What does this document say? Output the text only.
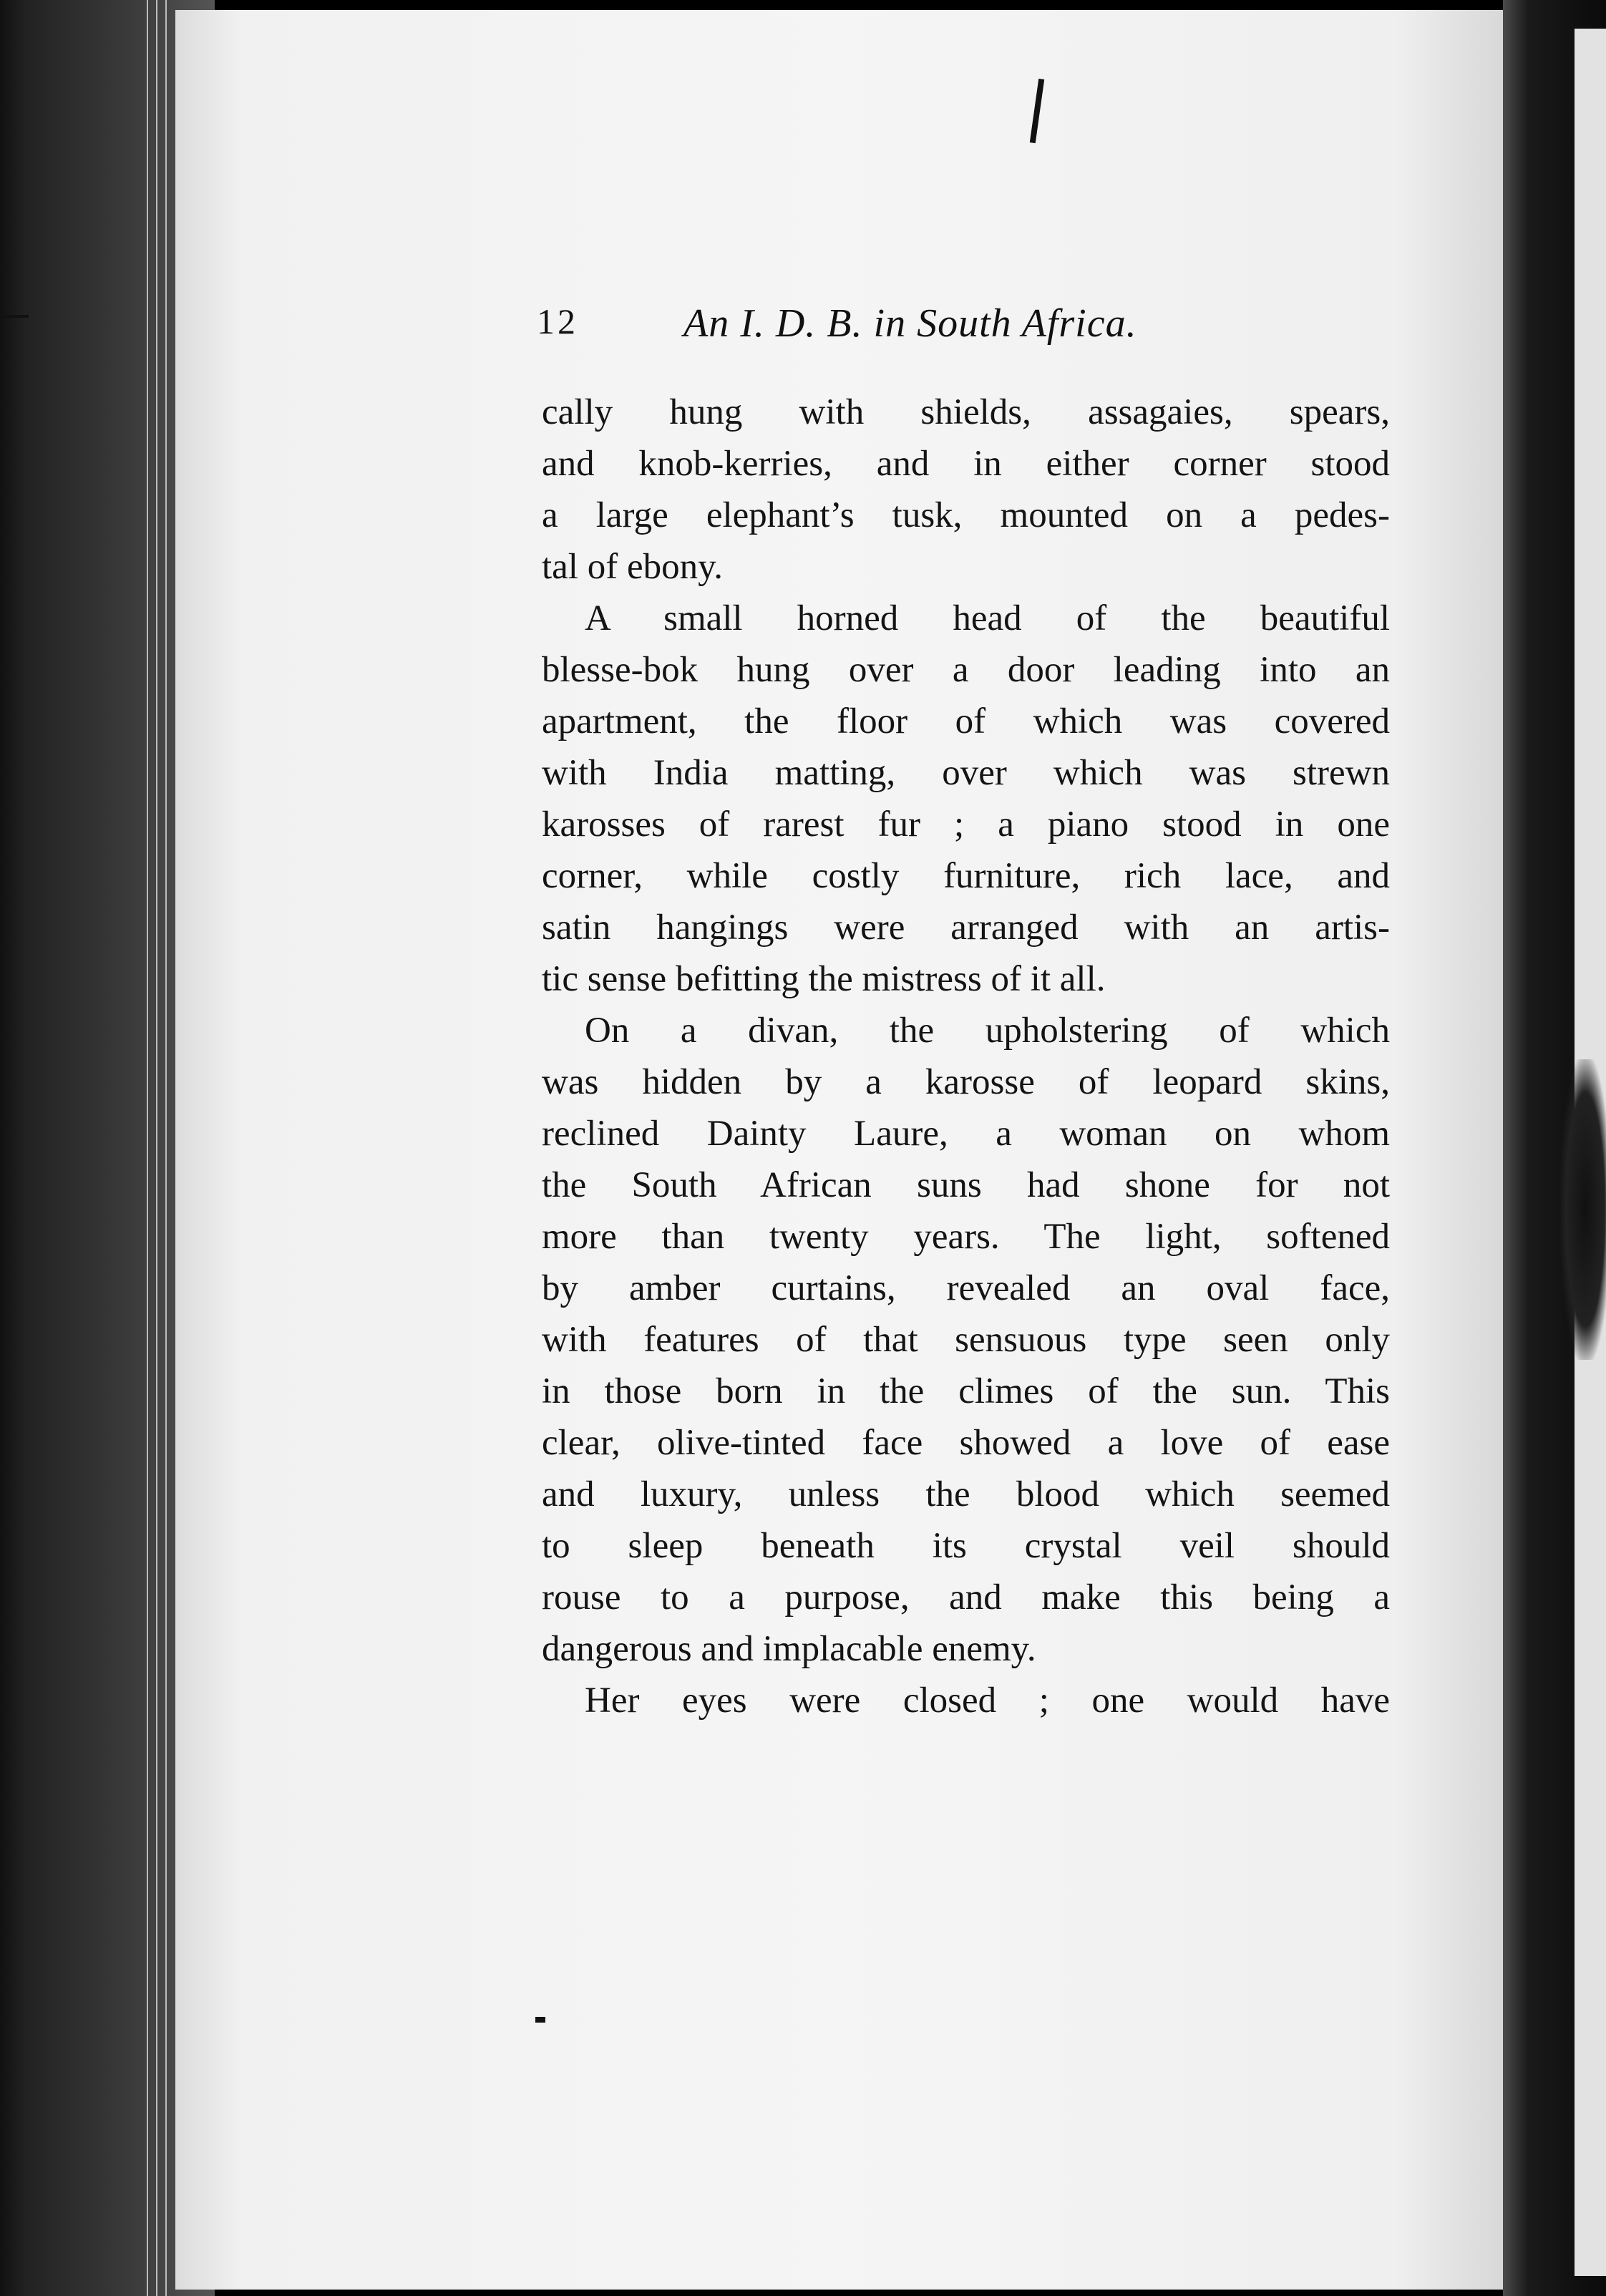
12	An I. D. B. in South Africa.

cally hung with shields, assagaies, spears,
and knob-kerries, and in either corner stood
a large elephant’s tusk, mounted on a pedes-
tal of ebony.

A small horned head of the beautiful
blesse-bok hung over a door leading into an
apartment, the floor of which was covered
with India matting, over which was strewn
karosses of rarest fur ; a piano stood in one
corner, while costly furniture, rich lace, and
satin hangings were arranged with an artis-
tic sense befitting the mistress of it all.

On a divan, the upholstering of which
was hidden by a karosse of leopard skins,
reclined Dainty Laure, a woman on whom
the South African suns had shone for not
more than twenty years. The light, softened
by amber curtains, revealed an oval face,
with features of that sensuous type seen only
in those born in the climes of the sun. This
clear, olive-tinted face showed a love of ease
and luxury, unless the blood which seemed
to sleep beneath its crystal veil should
rouse to a purpose, and make this being a
dangerous and implacable enemy.

Her eyes were closed ; one would have
